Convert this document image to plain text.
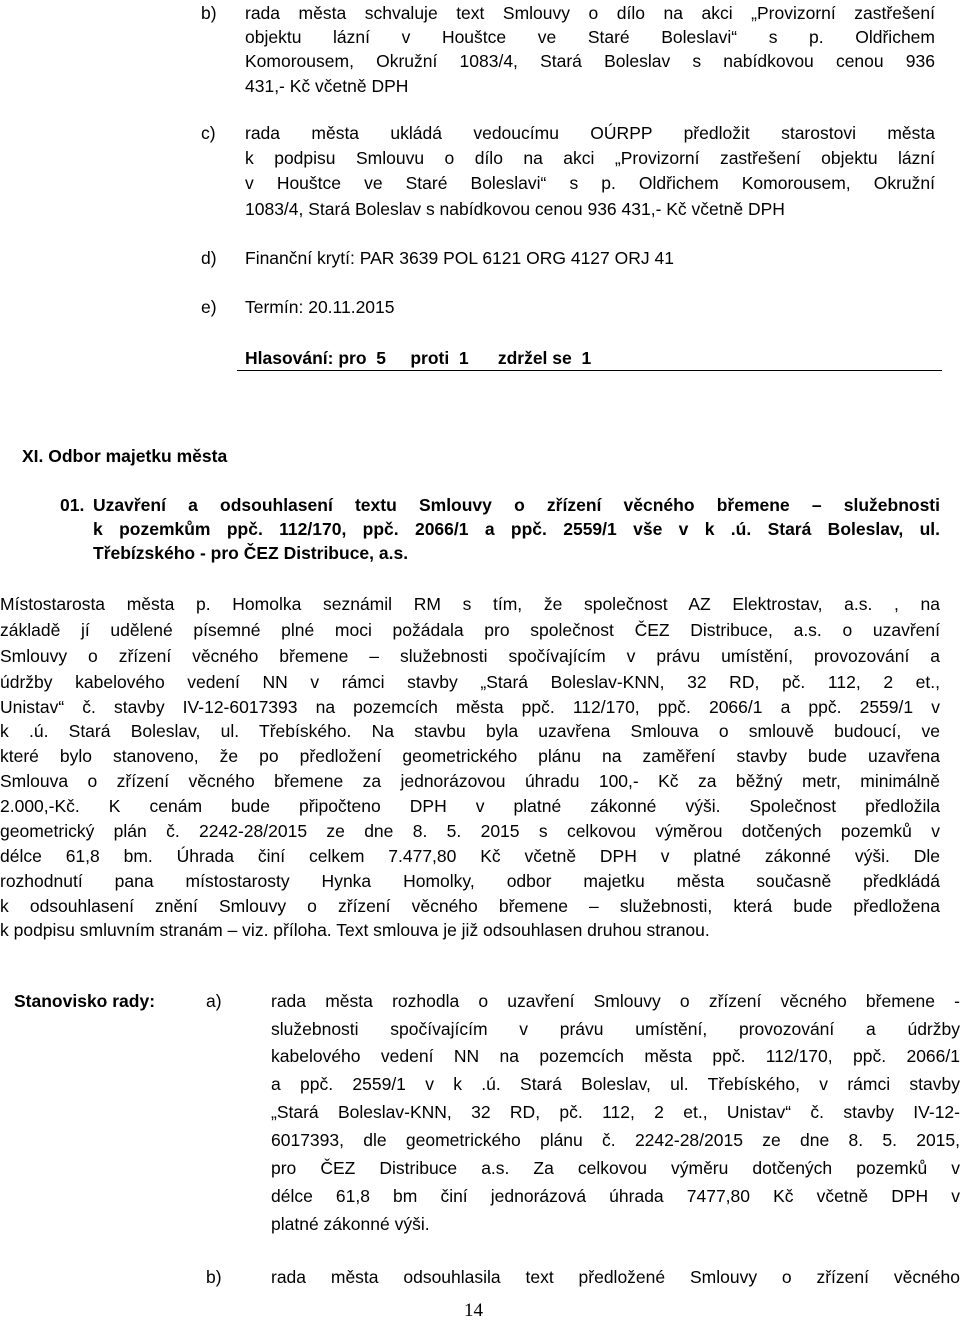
b) rada města schvaluje text Smlouvy o dílo na akci „Provizorní zastřešení
objektu lázní v Houštce ve Staré Boleslavi“ s p. Oldřichem
Komorousem, Okružní 1083/4, Stará Boleslav s nabídkovou cenou 936
431,- Kč včetně DPH
c) rada města ukládá vedoucímu OÚRPP předložit starostovi města
k podpisu Smlouvu o dílo na akci „Provizorní zastřešení objektu lázní
v Houštce ve Staré Boleslavi“ s p. Oldřichem Komorousem, Okružní
1083/4, Stará Boleslav s nabídkovou cenou 936 431,- Kč včetně DPH
d) Finanční krytí: PAR 3639 POL 6121 ORG 4127 ORJ 41
e) Termín: 20.11.2015
Hlasování: pro  5     proti  1      zdržel se  1
XI. Odbor majetku města
01. Uzavření a odsouhlasení textu Smlouvy o zřízení věcného břemene – služebnosti
k pozemkům ppč. 112/170, ppč. 2066/1 a ppč. 2559/1 vše v k .ú. Stará Boleslav, ul.
Třebízského - pro ČEZ Distribuce, a.s.
Místostarosta města p. Homolka seznámil RM s tím, že společnost AZ Elektrostav, a.s. , na
základě jí udělené písemné plné moci požádala pro společnost ČEZ Distribuce, a.s. o uzavření
Smlouvy o zřízení věcného břemene – služebnosti spočívajícím v právu umístění, provozování a
údržby kabelového vedení NN v rámci stavby „Stará Boleslav-KNN, 32 RD, pč. 112, 2 et.,
Unistav“ č. stavby IV-12-6017393 na pozemcích města ppč. 112/170, ppč. 2066/1 a ppč. 2559/1 v
k .ú. Stará Boleslav, ul. Třebíského. Na stavbu byla uzavřena Smlouva o smlouvě budoucí, ve
které bylo stanoveno, že po předložení geometrického plánu na zaměření stavby bude uzavřena
Smlouva o zřízení věcného břemene za jednorázovou úhradu 100,- Kč za běžný metr, minimálně
2.000,-Kč. K cenám bude připočteno DPH v platné zákonné výši. Společnost předložila
geometrický plán č. 2242-28/2015 ze dne 8. 5. 2015 s celkovou výměrou dotčených pozemků v
délce 61,8 bm. Úhrada činí celkem 7.477,80 Kč včetně DPH v platné zákonné výši. Dle
rozhodnutí pana místostarosty Hynka Homolky, odbor majetku města současně předkládá
k odsouhlasení znění Smlouvy o zřízení věcného břemene – služebnosti, která bude předložena
k podpisu smluvním stranám – viz. příloha. Text smlouva je již odsouhlasen druhou stranou.
Stanovisko rady:	a)	rada města rozhodla o uzavření Smlouvy o zřízení věcného břemene -
služebnosti spočívajícím v právu umístění, provozování a údržby
kabelového vedení NN na pozemcích města ppč. 112/170, ppč. 2066/1
a ppč. 2559/1 v k .ú. Stará Boleslav, ul. Třebíského, v rámci stavby
„Stará Boleslav-KNN, 32 RD, pč. 112, 2 et., Unistav“ č. stavby IV-12-
6017393, dle geometrického plánu č. 2242-28/2015 ze dne 8. 5. 2015,
pro ČEZ Distribuce a.s. Za celkovou výměru dotčených pozemků v
délce 61,8 bm činí jednorázová úhrada 7477,80 Kč včetně DPH v
platné zákonné výši.
b)	rada města odsouhlasila text předložené Smlouvy o zřízení věcného
14
